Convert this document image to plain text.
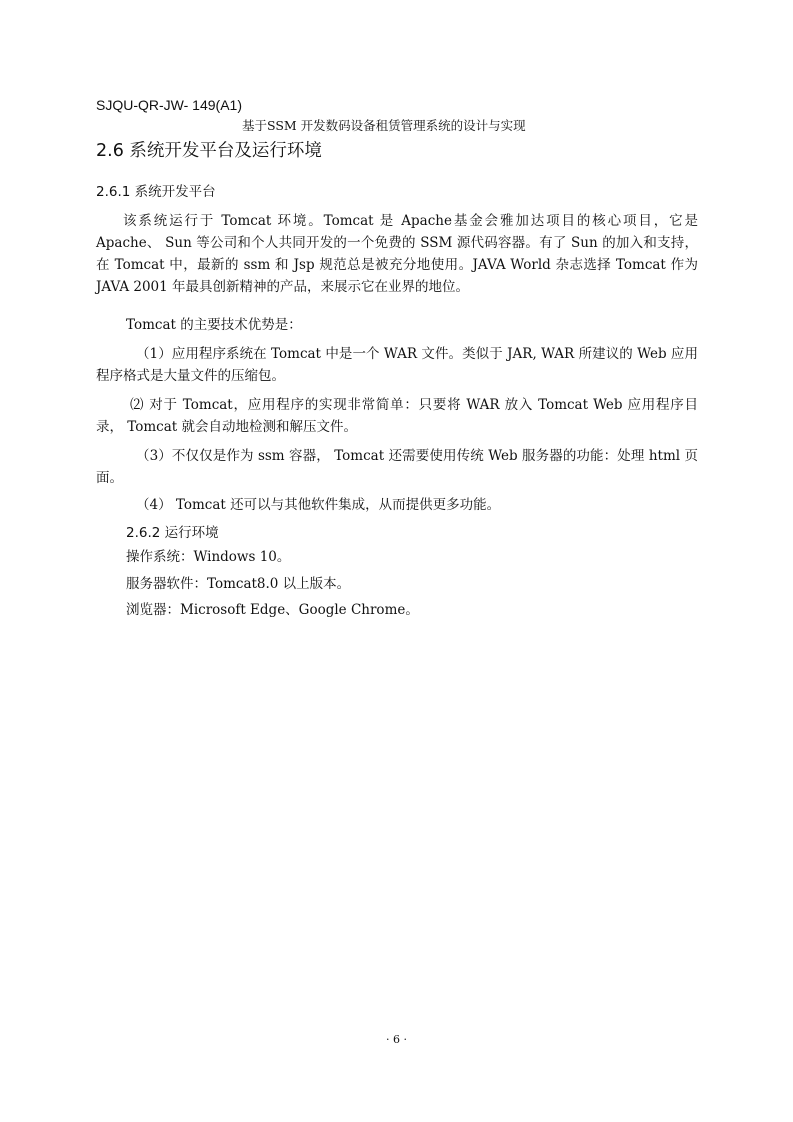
SJQU-QR-JW- 149(A1)
基于SSM 开发数码设备租赁管理系统的设计与实现
2.6 系统开发平台及运行环境
2.6.1 系统开发平台

该系统运行于 Tomcat 环境。Tomcat 是 Apache基金会雅加达项目的核心项目，它是 Apache、 Sun 等公司和个人共同开发的一个免费的 SSM 源代码容器。有了 Sun 的加入和支持，在 Tomcat 中，最新的 ssm 和 Jsp 规范总是被充分地使用。JAVA World 杂志选择 Tomcat 作为 JAVA 2001 年最具创新精神的产品，来展示它在业界的地位。

Tomcat 的主要技术优势是：

（1）应用程序系统在 Tomcat 中是一个 WAR 文件。类似于 JAR, WAR 所建议的 Web 应用程序格式是大量文件的压缩包。

⑵ 对于 Tomcat，应用程序的实现非常简单：只要将 WAR 放入 Tomcat Web 应用程序目录， Tomcat 就会自动地检测和解压文件。

（3）不仅仅是作为 ssm 容器， Tomcat 还需要使用传统 Web 服务器的功能：处理 html 页面。

（4） Tomcat 还可以与其他软件集成，从而提供更多功能。

2.6.2 运行环境
操作系统：Windows 10。
服务器软件：Tomcat8.0 以上版本。
浏览器：Microsoft Edge、Google Chrome。
· 6 ·
